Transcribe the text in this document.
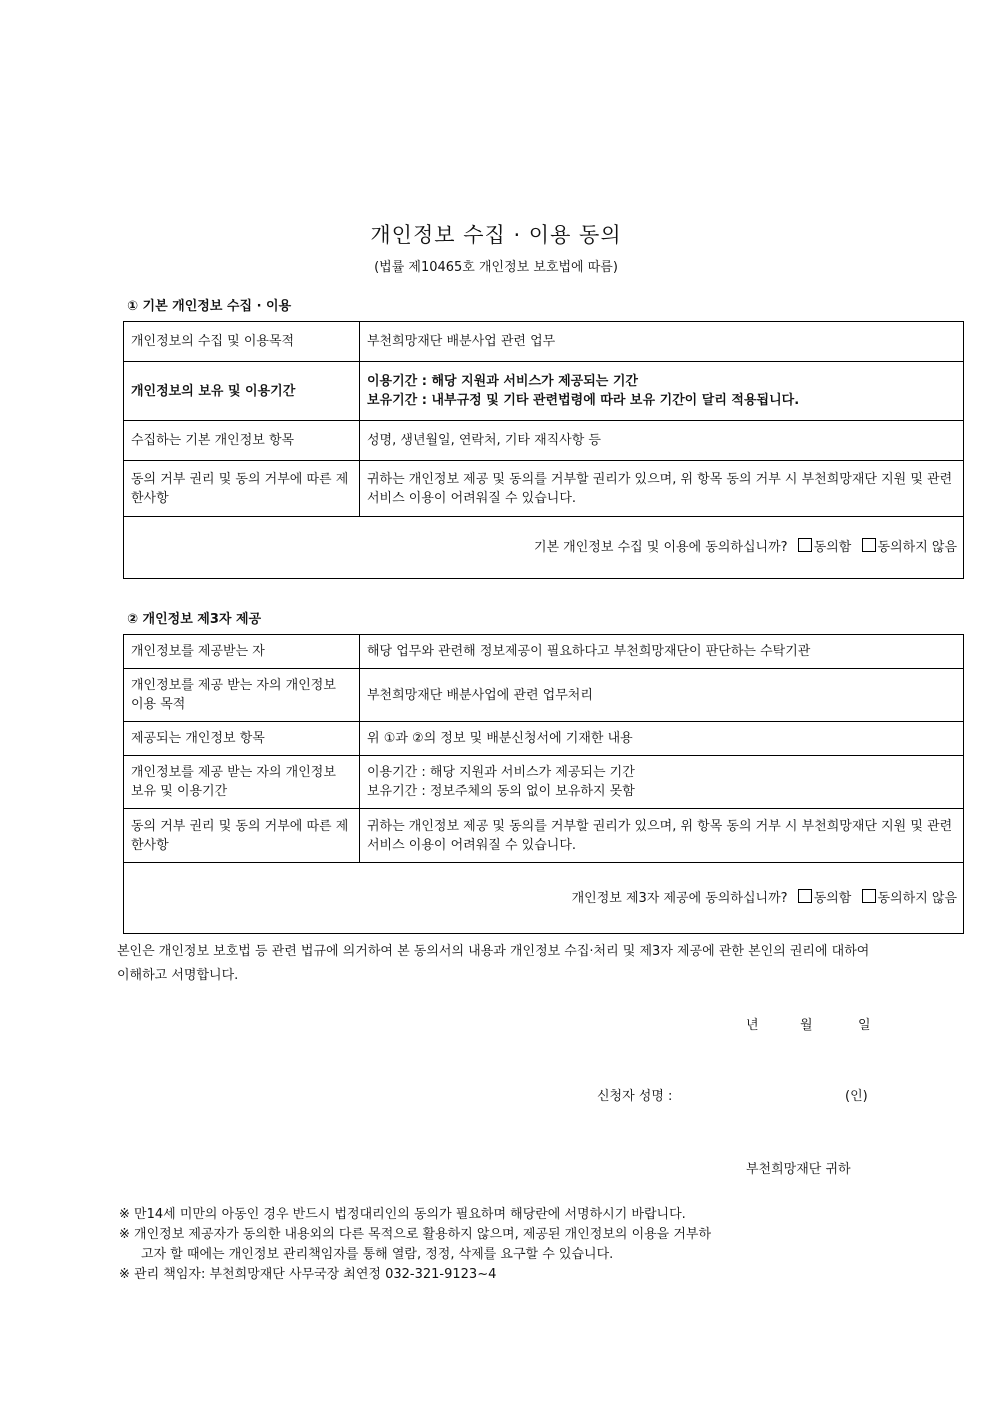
개인정보 수집 · 이용 동의
(법률 제10465호 개인정보 보호법에 따름)
① 기본 개인정보 수집 · 이용
개인정보의 수집 및 이용목적	부천희망재단 배분사업 관련 업무
개인정보의 보유 및 이용기간	이용기간 : 해당 지원과 서비스가 제공되는 기간
보유기간 : 내부규정 및 기타 관련법령에 따라 보유 기간이 달리 적용됩니다.

수집하는 기본 개인정보 항목	성명, 생년월일, 연락처, 기타 재직사항 등
동의 거부 권리 및 동의 거부에 따른 제한사항	귀하는 개인정보 제공 및 동의를 거부할 권리가 있으며, 위 항목 동의 거부 시 부천희망재단 지원 및 관련 서비스 이용이 어려워질 수 있습니다.
기본 개인정보 수집 및 이용에 동의하십니까? 동의함 동의하지 않음	
② 개인정보 제3자 제공
개인정보를 제공받는 자	해당 업무와 관련해 정보제공이 필요하다고 부천희망재단이 판단하는 수탁기관
개인정보를 제공 받는 자의 개인정보 이용 목적	부천희망재단 배분사업에 관련 업무처리
제공되는 개인정보 항목	위 ①과 ②의 정보 및 배분신청서에 기재한 내용
개인정보를 제공 받는 자의 개인정보 보유 및 이용기간	이용기간 : 해당 지원과 서비스가 제공되는 기간
보유기간 : 정보주체의 동의 없이 보유하지 못함

동의 거부 권리 및 동의 거부에 따른 제한사항	귀하는 개인정보 제공 및 동의를 거부할 권리가 있으며, 위 항목 동의 거부 시 부천희망재단 지원 및 관련 서비스 이용이 어려워질 수 있습니다.
개인정보 제3자 제공에 동의하십니까? 동의함 동의하지 않음	
본인은 개인정보 보호법 등 관련 법규에 의거하여 본 동의서의 내용과 개인정보 수집·처리 및 제3자 제공에 관한 본인의 권리에 대하여 이해하고 서명합니다.
년	월	일
신청자 성명 :	(인)
부천희망재단 귀하
※ 만14세 미만의 아동인 경우 반드시 법정대리인의 동의가 필요하며 해당란에 서명하시기 바랍니다.
※ 개인정보 제공자가 동의한 내용외의 다른 목적으로 활용하지 않으며, 제공된 개인정보의 이용을 거부하
고자 할 때에는 개인정보 관리책임자를 통해 열람, 정정, 삭제를 요구할 수 있습니다.
※ 관리 책임자: 부천희망재단 사무국장 최연정 032-321-9123~4
